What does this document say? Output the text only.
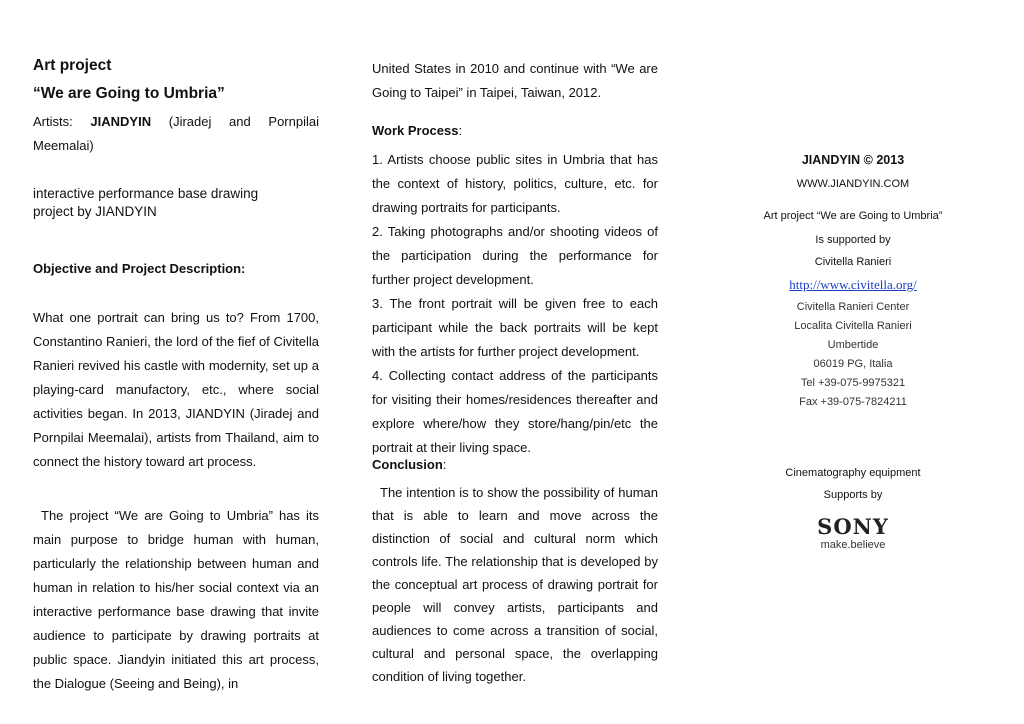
Art project
“We are Going to Umbria”
Artists: JIANDYIN (Jiradej and Pornpilai Meemalai)
interactive performance base drawing project by JIANDYIN
Objective and Project Description:

What one portrait can bring us to? From 1700, Constantino Ranieri, the lord of the fief of Civitella Ranieri revived his castle with modernity, set up a playing-card manufactory, etc., where social activities began. In 2013, JIANDYIN (Jiradej and Pornpilai Meemalai), artists from Thailand, aim to connect the history toward art process.

The project “We are Going to Umbria” has its main purpose to bridge human with human, particularly the relationship between human and human in relation to his/her social context via an interactive performance base drawing that invite audience to participate by drawing portraits at public space. Jiandyin initiated this art process, the Dialogue (Seeing and Being), in

United States in 2010 and continue with “We are Going to Taipei” in Taipei, Taiwan, 2012.

Work Process:

1. Artists choose public sites in Umbria that has the context of history, politics, culture, etc. for drawing portraits for participants.

2. Taking photographs and/or shooting videos of the participation during the performance for further project development.

3. The front portrait will be given free to each participant while the back portraits will be kept with the artists for further project development.

4. Collecting contact address of the participants for visiting their homes/residences thereafter and explore where/how they store/hang/pin/etc the portrait at their living space.

Conclusion:

The intention is to show the possibility of human that is able to learn and move across the distinction of social and cultural norm which controls life. The relationship that is developed by the conceptual art process of drawing portrait for people will convey artists, participants and audiences to come across a transition of social, cultural and personal space, the overlapping condition of living together.

JIANDYIN © 2013
WWW.JIANDYIN.COM
Art project “We are Going to Umbria”
Is supported by
Civitella Ranieri
http://www.civitella.org/
Civitella Ranieri Center
Localita Civitella Ranieri
Umbertide
06019 PG, Italia
Tel +39-075-9975321
Fax +39-075-7824211
Cinematography equipment
Supports by
SONY
make.believe
